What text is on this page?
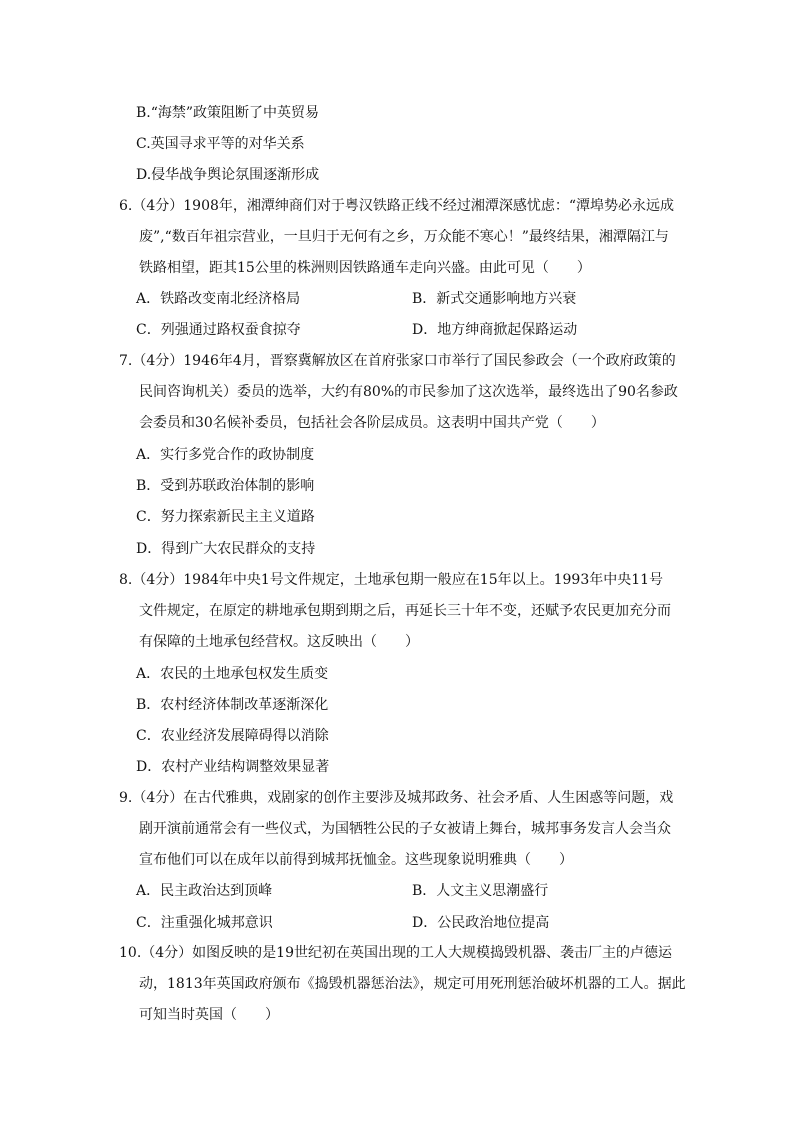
B.“海禁”政策阻断了中英贸易
C.英国寻求平等的对华关系
D.侵华战争舆论氛围逐渐形成
6.（4分）1908年，湘潭绅商们对于粤汉铁路正线不经过湘潭深感忧虑：“潭埠势必永远成
废”,“数百年祖宗营业，一旦归于无何有之乡，万众能不寒心！”最终结果，湘潭隔江与
铁路相望，距其15公里的株洲则因铁路通车走向兴盛。由此可见（　　）
A．铁路改变南北经济格局	B．新式交通影响地方兴衰
C．列强通过路权蚕食掠夺	D．地方绅商掀起保路运动
7.（4分）1946年4月，晋察冀解放区在首府张家口市举行了国民参政会（一个政府政策的
民间咨询机关）委员的选举，大约有80%的市民参加了这次选举，最终选出了90名参政
会委员和30名候补委员，包括社会各阶层成员。这表明中国共产党（　　）
A．实行多党合作的政协制度
B．受到苏联政治体制的影响
C．努力探索新民主主义道路
D．得到广大农民群众的支持
8.（4分）1984年中央1号文件规定，土地承包期一般应在15年以上。1993年中央11号
文件规定，在原定的耕地承包期到期之后，再延长三十年不变，还赋予农民更加充分而
有保障的土地承包经营权。这反映出（　　）
A．农民的土地承包权发生质变
B．农村经济体制改革逐渐深化
C．农业经济发展障碍得以消除
D．农村产业结构调整效果显著
9.（4分）在古代雅典，戏剧家的创作主要涉及城邦政务、社会矛盾、人生困惑等问题，戏
剧开演前通常会有一些仪式，为国牺牲公民的子女被请上舞台，城邦事务发言人会当众
宣布他们可以在成年以前得到城邦抚恤金。这些现象说明雅典（　　）
A．民主政治达到顶峰	B．人文主义思潮盛行
C．注重强化城邦意识	D．公民政治地位提高
10.（4分）如图反映的是19世纪初在英国出现的工人大规模捣毁机器、袭击厂主的卢德运
动，1813年英国政府颁布《捣毁机器惩治法》，规定可用死刑惩治破坏机器的工人。据此
可知当时英国（　　）
